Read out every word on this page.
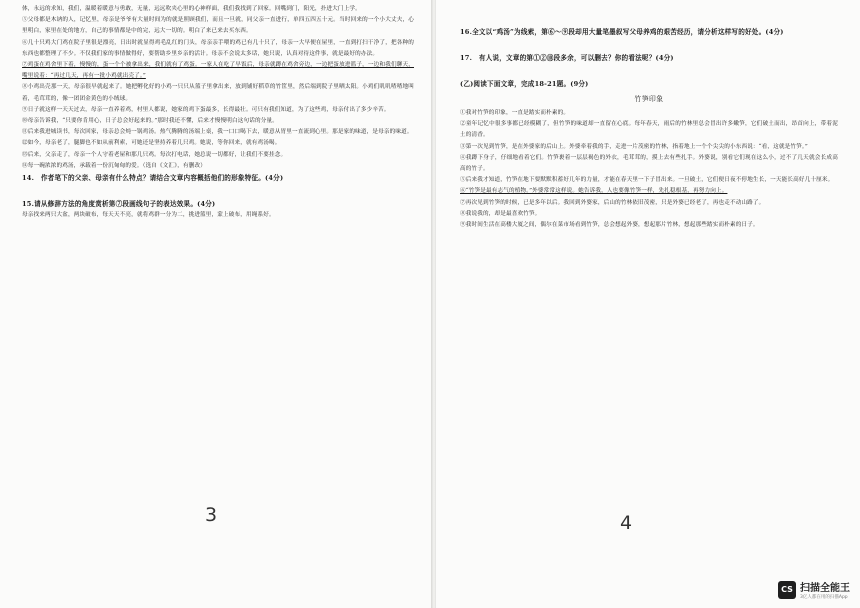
体，永远的求知，我们，温暖着暖意与勇敢，无量，远远吹夹心里的心神样面，我们我找到了回家。回嘴到门，阳光，扑进大门上学。

⑤父母都是木讷的人，记忆里，母亲是爷爷有大量时间为的就是照顾我们，而且一旦就，同父亲一直进行，单四五四五十元。当时回来的一个小大丈夫，心里明白，家里在处的地方，自己的事情都是中的完，远大一切的。明白了来已来去买东西。

⑥几十只鸡大门鸡在院子里很是漂亮，日出时就显得鸡毛乱红的门头，母亲亲手喂的鸡已有几十只了，母亲一大早便在屋里，一直到打扫干净了，把各种的东西也都整理了不少。不仅我们家的事情做得好，要帮助乡里乡亲的活计。母亲不会说太多话，她只说，认真对待这件事，就是最好的办法。

⑦鸡蛋在鸡舍里下着，慢慢的，蛋一个个被拿出来，我们就有了鸡蛋。一家人在吃了早饭后，母亲就蹲在鸡舍旁边，一边把蛋放进篮子，一边和我们聊天，嘴里说着：“再过几天，再有一批小鸡就出壳了。”

⑧小鸡出壳那一天，母亲很早就起来了。她把孵化好的小鸡一只只从篮子里拿出来，放到铺好稻草的竹筐里，然后端到院子里晒太阳。小鸡们叽叽喳喳地叫着，毛茸茸的，像一团团金黄色的小绒球。

⑨日子就这样一天天过去，母亲一直养着鸡，村里人都说，她家的鸡下蛋最多，长得最壮。可只有我们知道，为了这些鸡，母亲付出了多少辛苦。

⑩母亲告诉我，“只要你肯用心，日子总会好起来的。”那时我还不懂，后来才慢慢明白这句话的分量。

⑪后来我进城读书，每次回家，母亲总会炖一锅鸡汤。热气腾腾的汤端上桌，我一口口喝下去，暖意从胃里一直流到心里。那是家的味道，是母亲的味道。

⑫如今，母亲老了，腿脚也不如从前利索，可她还是坚持养着几只鸡。她说，等你回来，就有鸡汤喝。

⑬后来，父亲走了，母亲一个人守着老屋和那几只鸡。每次打电话，她总说一切都好，让我们不要挂念。

⑭每一碗浓浓的鸡汤，承载着一份沉甸甸的爱。（选自《文汇》，有删改）

14.　作者笔下的父亲、母亲有什么特点？请结合文章内容概括他们的形象特征。(4分)

15.请从修辞方法的角度赏析第⑦段画线句子的表达效果。(4分)

母亲找来两只大盆，两块破布，每天天不亮，就将鸡群一分为二，挑进篮里，蒙上破布，用绳系好。

3

16.全文以“鸡汤”为线索，第⑥～⑨段却用大量笔墨叙写父母养鸡的艰苦经历，请分析这样写的好处。(4分)

17.　有人说，文章的第①②⑩段多余，可以删去？你的看法呢？(4分)

(乙)阅读下面文章，完成18-21题。(9分)

竹笋印象

①我对竹笋的印象，一直是踏实而朴素的。

②童年记忆中很多事都已经模糊了，但竹笋的味道却一直留在心底。每年春天，雨后的竹林里总会冒出许多嫩笋，它们破土而出，昂首向上，带着泥土的清香。

③第一次见到竹笋，是在外婆家的后山上。外婆牵着我的手，走进一片茂密的竹林，指着地上一个个尖尖的小东西说：“看，这就是竹笋。”

④我蹲下身子，仔细地看着它们。竹笋裹着一层层褐色的外衣，毛茸茸的，摸上去有些扎手。外婆说，别看它们现在这么小，过不了几天就会长成高高的竹子。

⑤后来我才知道，竹笋在地下要默默积蓄好几年的力量，才能在春天里一下子冒出来。一旦破土，它们便日夜不停地生长，一天能长高好几十厘米。

⑥“竹笋是最有志气的植物。”外婆常常这样说。她告诉我，人也要像竹笋一样，先扎稳根基，再努力向上。

⑦再次见到竹笋的时候，已是多年以后。我回到外婆家，后山的竹林依旧茂密，只是外婆已经老了，再也走不动山路了。

⑧我说我的，却是最喜欢竹笋。

⑨我时间生活在高楼大厦之间，偶尔在菜市场看到竹笋，总会想起外婆，想起那片竹林，想起那些踏实而朴素的日子。

4
CS 扫描全能王
3亿人都在用的扫描App
